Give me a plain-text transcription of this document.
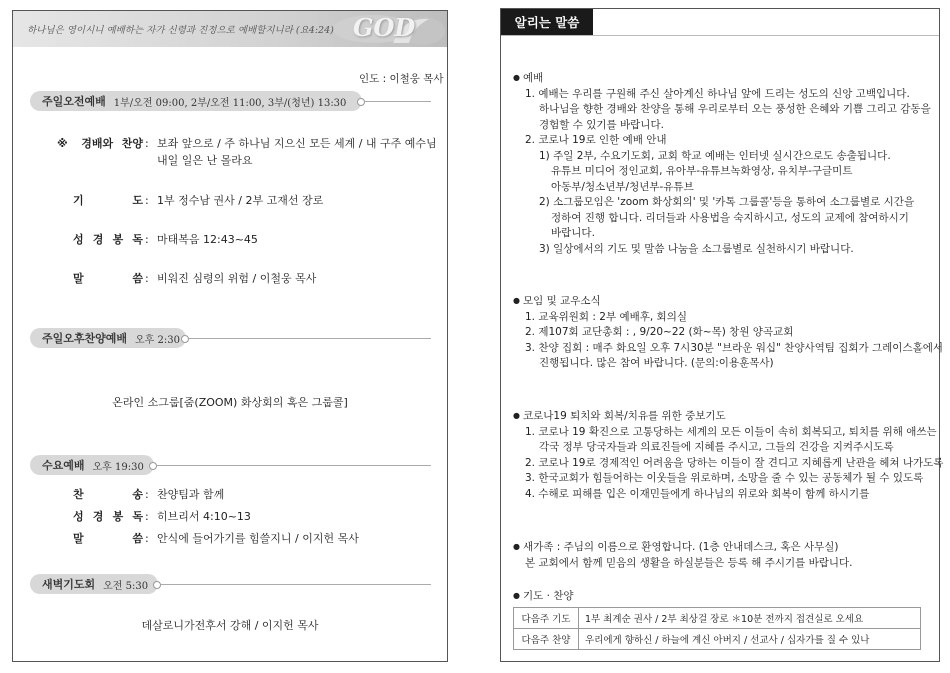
하나님은 영이시니 예배하는 자가 신령과 진정으로 예배할지니라 (요4:24) GOD
인도 : 이철웅 목사
주일오전예배 1부/오전 09:00, 2부/오전 11:00, 3부/(청년) 13:30
※ 경배와 찬양 : 보좌 앞으로 / 주 하나님 지으신 모든 세계 / 내 구주 예수님
내일 일은 난 몰라요
기 도 : 1부 정수남 권사 / 2부 고재선 장로
성 경 봉 독 : 마태복음 12:43~45
말 씀 : 비워진 심령의 위험 / 이철웅 목사
주일오후찬양예배 오후 2:30
온라인 소그룹[줌(ZOOM) 화상회의 혹은 그룹콜]
수요예배 오후 19:30
찬 송 : 찬양팀과 함께
성 경 봉 독 : 히브리서 4:10~13
말 씀 : 안식에 들어가기를 힘쓸지니 / 이지헌 목사
새벽기도회 오전 5:30
데살로니가전후서 강해 / 이지헌 목사
알리는 말씀
● 예배
1. 예배는 우리를 구원해 주신 살아계신 하나님 앞에 드리는 성도의 신앙 고백입니다.
하나님을 향한 경배와 찬양을 통해 우리로부터 오는 풍성한 은혜와 기쁨 그리고 감동을
경험할 수 있기를 바랍니다.
2. 코로나 19로 인한 예배 안내
1) 주일 2부, 수요기도회, 교회 학교 예배는 인터넷 실시간으로도 송출됩니다.
유튜브 미디어 정인교회, 유아부-유튜브녹화영상, 유치부-구글미트
아동부/청소년부/청년부-유튜브
2) 소그룹모임은 'zoom 화상회의' 및 '카톡 그룹콜'등을 통하여 소그룹별로 시간을
정하여 진행 합니다. 리더들과 사용법을 숙지하시고, 성도의 교제에 참여하시기
바랍니다.
3) 일상에서의 기도 및 말씀 나눔을 소그룹별로 실천하시기 바랍니다.
● 모임 및 교우소식
1. 교육위원회 : 2부 예배후, 회의실
2. 제107회 교단총회 : , 9/20~22 (화~목) 창원 양곡교회
3. 찬양 집회 : 매주 화요일 오후 7시30분 "브라운 워십" 찬양사역팀 집회가 그레이스홀에서
진행됩니다. 많은 참여 바랍니다. (문의:이용훈목사)
● 코로나19 퇴치와 회복/치유를 위한 중보기도
1. 코로나 19 확진으로 고통당하는 세계의 모든 이들이 속히 회복되고, 퇴치를 위해 애쓰는
각국 정부 당국자들과 의료진들에 지혜를 주시고, 그들의 건강을 지켜주시도록
2. 코로나 19로 경제적인 어려움을 당하는 이들이 잘 견디고 지혜롭게 난관을 헤쳐 나가도록
3. 한국교회가 힘들어하는 이웃들을 위로하며, 소망을 줄 수 있는 공동체가 될 수 있도록
4. 수해로 피해를 입은 이재민들에게 하나님의 위로와 회복이 함께 하시기를
● 새가족 : 주님의 이름으로 환영합니다. (1층 안내데스크, 혹은 사무실)
본 교회에서 함께 믿음의 생활을 하실분들은 등록 해 주시기를 바랍니다.
● 기도 · 찬양
다음주 기도	1부 최계순 권사 / 2부 최상걸 장로 ＊10분 전까지 접견실로 오세요
다음주 찬양	우리에게 향하신 / 하늘에 계신 아버지 / 선교사 / 십자가를 질 수 있나
